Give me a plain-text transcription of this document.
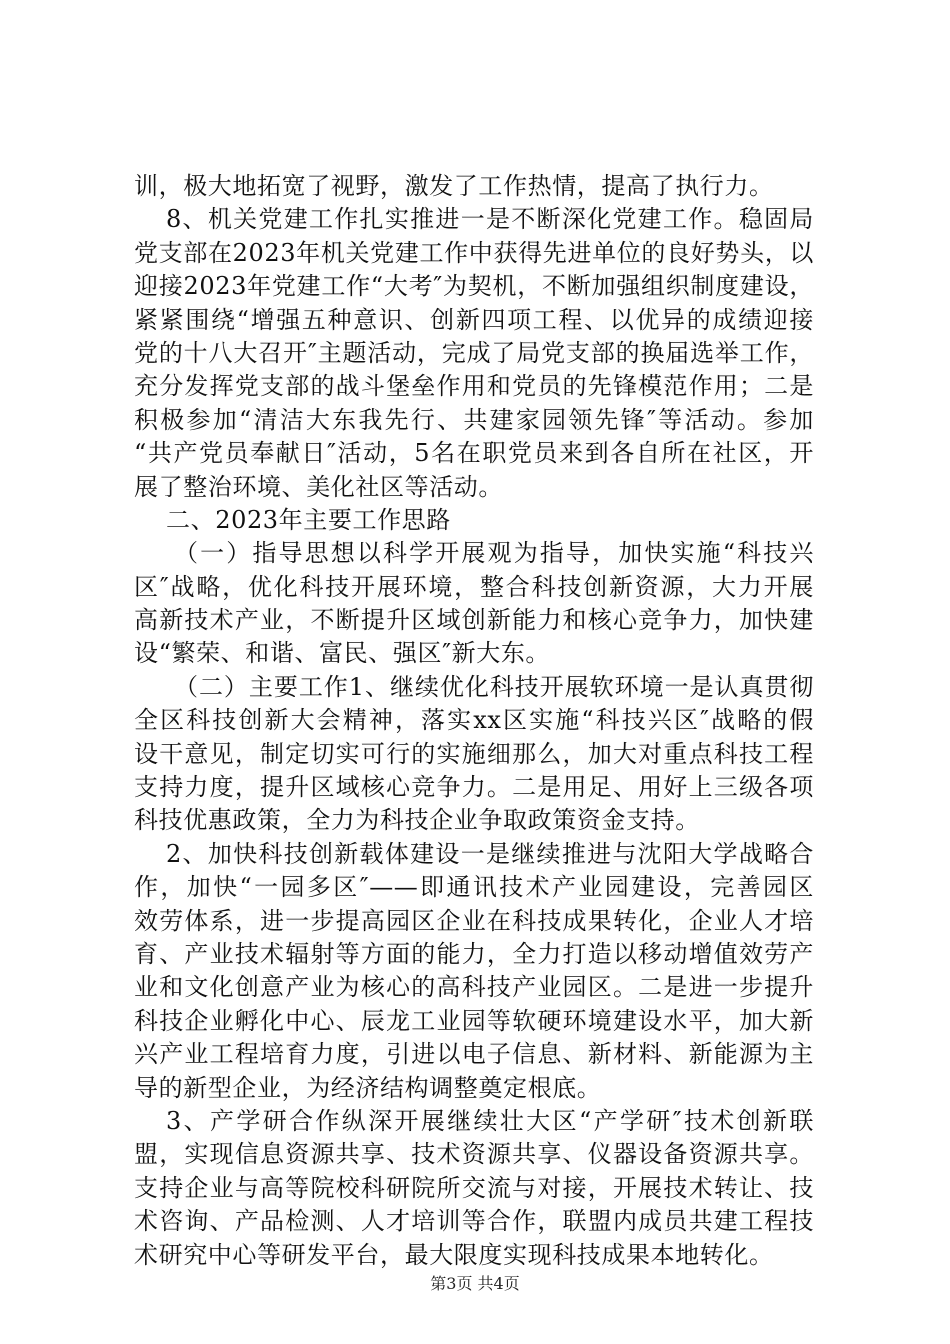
训，极大地拓宽了视野，激发了工作热情，提高了执行力。
8、机关党建工作扎实推进一是不断深化党建工作。稳固局
党支部在2023年机关党建工作中获得先进单位的良好势头，以
迎接2023年党建工作“大考″为契机，不断加强组织制度建设，
紧紧围绕“增强五种意识、创新四项工程、以优异的成绩迎接
党的十八大召开″主题活动，完成了局党支部的换届选举工作，
充分发挥党支部的战斗堡垒作用和党员的先锋模范作用；二是
积极参加“清洁大东我先行、共建家园领先锋″等活动。参加
“共产党员奉献日″活动，5名在职党员来到各自所在社区，开
展了整治环境、美化社区等活动。
二、2023年主要工作思路
（一）指导思想以科学开展观为指导，加快实施“科技兴
区″战略，优化科技开展环境，整合科技创新资源，大力开展
高新技术产业，不断提升区域创新能力和核心竞争力，加快建
设“繁荣、和谐、富民、强区″新大东。
（二）主要工作1、继续优化科技开展软环境一是认真贯彻
全区科技创新大会精神，落实xx区实施“科技兴区″战略的假
设干意见，制定切实可行的实施细那么，加大对重点科技工程
支持力度，提升区域核心竞争力。二是用足、用好上三级各项
科技优惠政策，全力为科技企业争取政策资金支持。
2、加快科技创新载体建设一是继续推进与沈阳大学战略合
作，加快“一园多区″——即通讯技术产业园建设，完善园区
效劳体系，进一步提高园区企业在科技成果转化，企业人才培
育、产业技术辐射等方面的能力，全力打造以移动增值效劳产
业和文化创意产业为核心的高科技产业园区。二是进一步提升
科技企业孵化中心、辰龙工业园等软硬环境建设水平，加大新
兴产业工程培育力度，引进以电子信息、新材料、新能源为主
导的新型企业，为经济结构调整奠定根底。
3、产学研合作纵深开展继续壮大区“产学研″技术创新联
盟，实现信息资源共享、技术资源共享、仪器设备资源共享。
支持企业与高等院校科研院所交流与对接，开展技术转让、技
术咨询、产品检测、人才培训等合作，联盟内成员共建工程技
术研究中心等研发平台，最大限度实现科技成果本地转化。
第3页 共4页
